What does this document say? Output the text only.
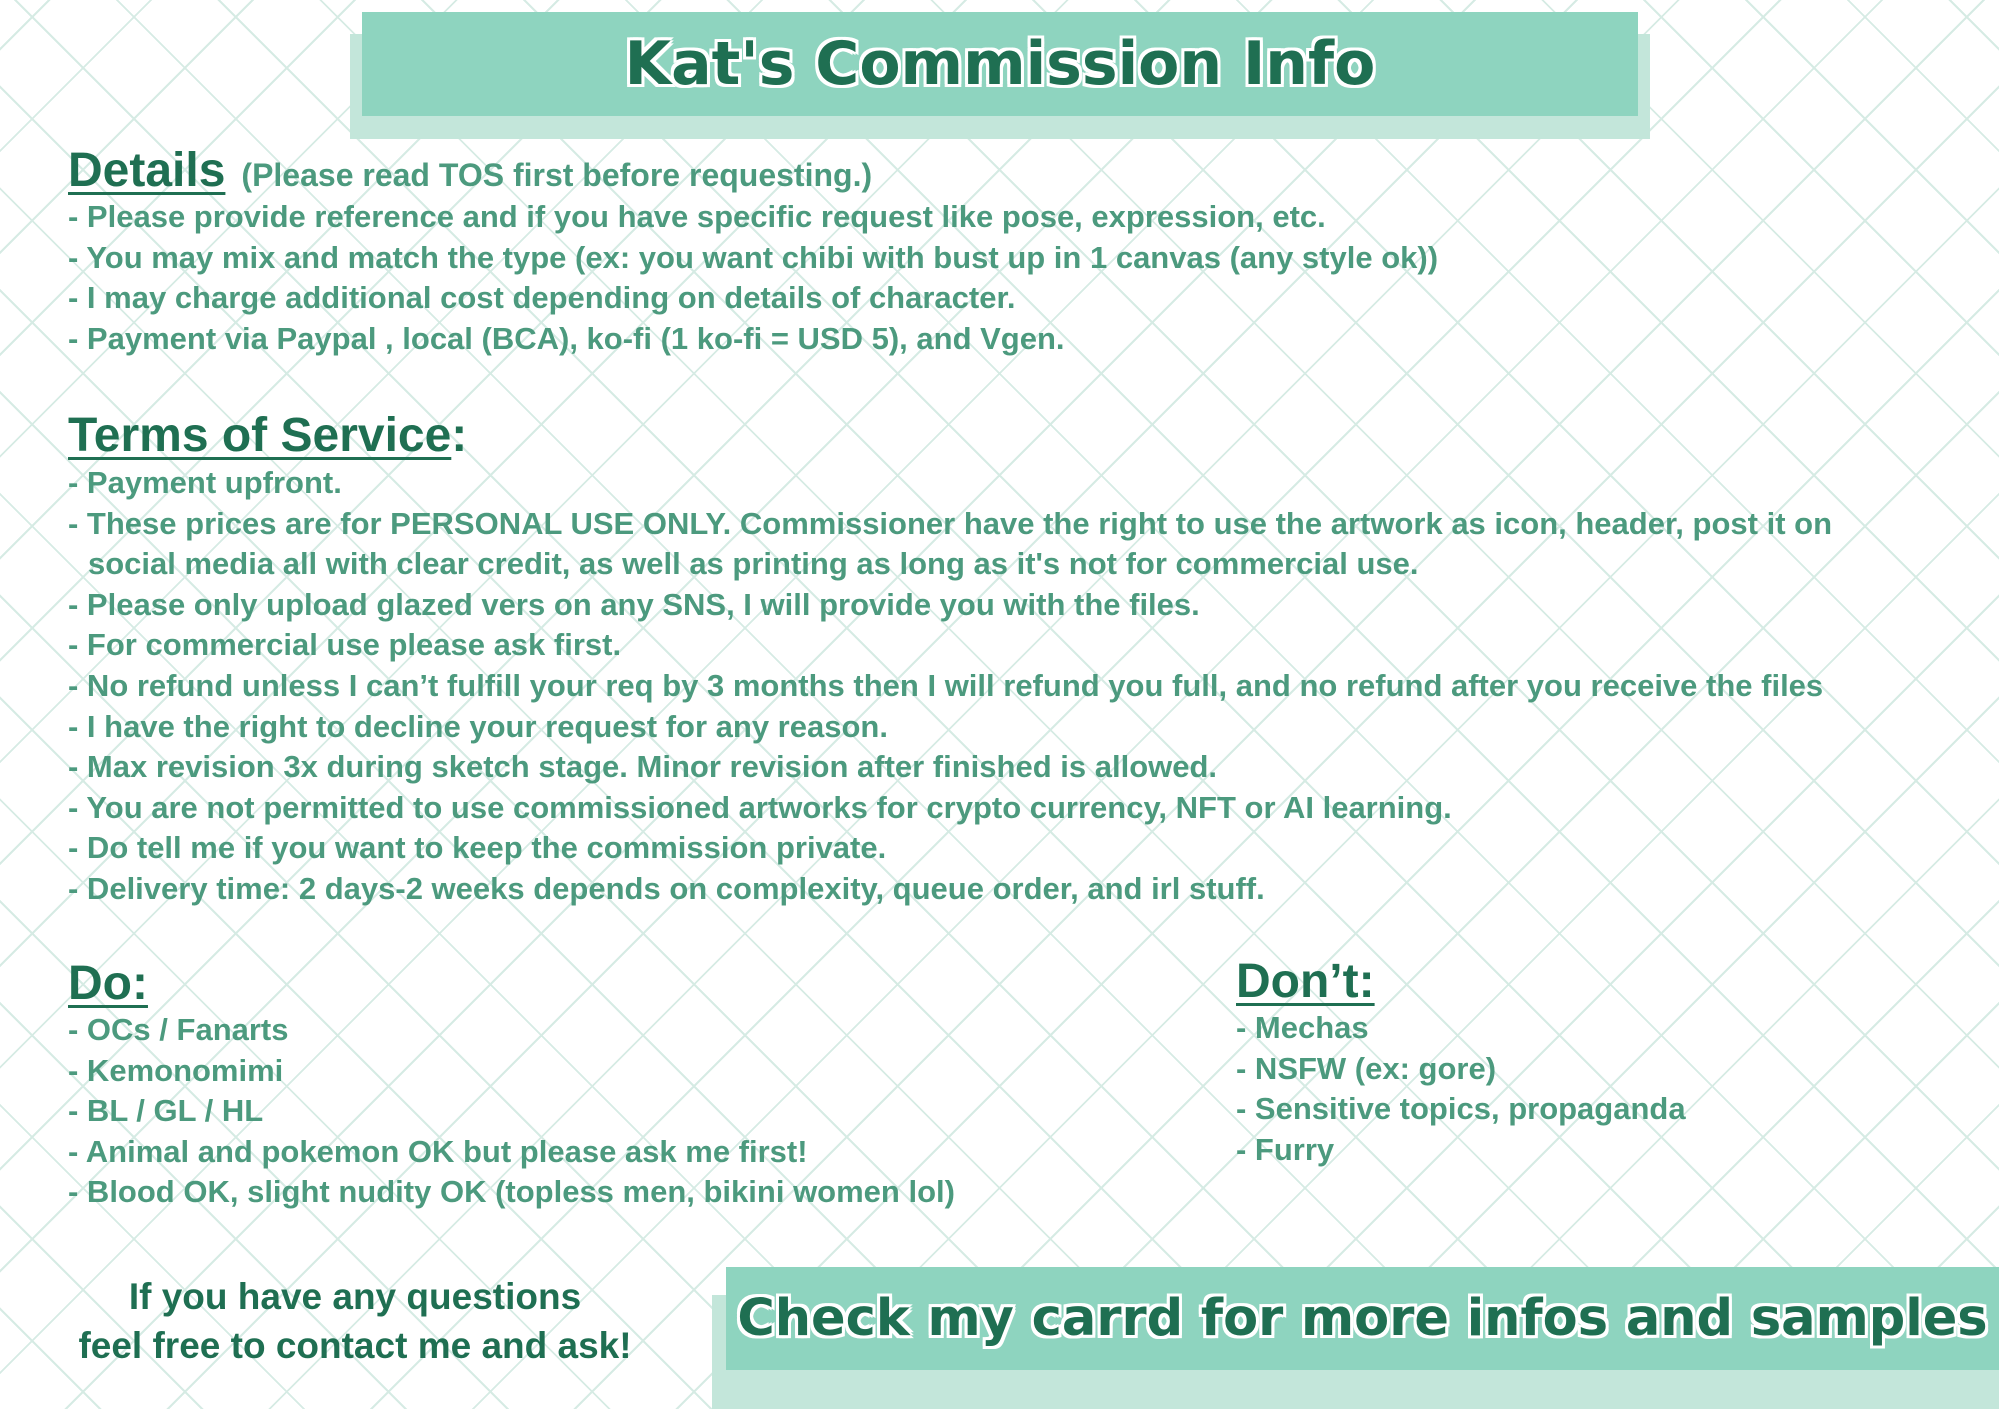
Kat's Commission Info
Details (Please read TOS first before requesting.)
- Please provide reference and if you have specific request like pose, expression, etc.
- You may mix and match the type (ex: you want chibi with bust up in 1 canvas (any style ok))
- I may charge additional cost depending on details of character.
- Payment via Paypal , local (BCA), ko-fi (1 ko-fi = USD 5), and Vgen.
Terms of Service :
- Payment upfront.
- These prices are for PERSONAL USE ONLY. Commissioner have the right to use the artwork as icon, header, post it on social media all with clear credit, as well as printing as long as it's not for commercial use.
- Please only upload glazed vers on any SNS, I will provide you with the files.
- For commercial use please ask first.
- No refund unless I can’t fulfill your req by 3 months then I will refund you full, and no refund after you receive the files
- I have the right to decline your request for any reason.
- Max revision 3x during sketch stage. Minor revision after finished is allowed.
- You are not permitted to use commissioned artworks for crypto currency, NFT or AI learning.
- Do tell me if you want to keep the commission private.
- Delivery time: 2 days-2 weeks depends on complexity, queue order, and irl stuff.
Do:
- OCs / Fanarts
- Kemonomimi
- BL / GL / HL
- Animal and pokemon OK but please ask me first!
- Blood OK, slight nudity OK (topless men, bikini women lol)
Don’t:
- Mechas
- NSFW (ex: gore)
- Sensitive topics, propaganda
- Furry
If you have any questions
feel free to contact me and ask!	Check my carrd for more infos and samples
